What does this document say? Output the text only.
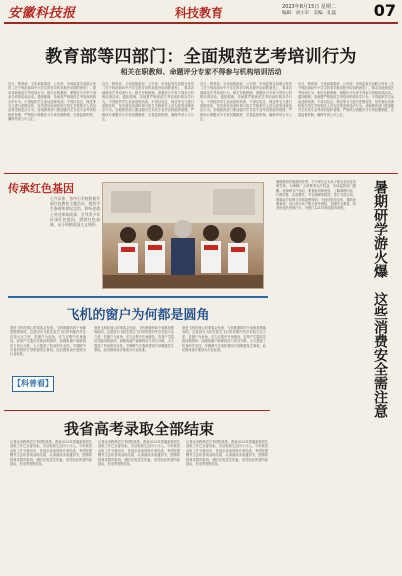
安徽科技报	科技教育	2023年8月15日 星期二
编辑：刘小军　美编：孔磊 07
教育部等四部门：全面规范艺考培训行为
相关在职教师、命题评分专家不得参与机构培训活动
近日，教育部、文化和旅游部、公安部、市场监管总局联合发布《关于规范面向中小学生的非学科类校外培训的意见》，要求各地规范艺考培训行为，相关在职教师、命题评分专家不得参与机构培训活动。通知强调，各地要严格规范艺考培训机构办学行为，不得组织学生参加违规培训，不得以包过、保过等名义进行虚假宣传，坚决查处培训机构与招生学校相关人员勾连等违规违法行为。各地教育部门要加强对艺术类专业考试的组织管理，严格执行命题评分专家回避制度，完善监督机制，确保考试公平公正。
近日，教育部、文化和旅游部、公安部、市场监管总局联合发布《关于规范面向中小学生的非学科类校外培训的意见》，要求各地规范艺考培训行为，相关在职教师、命题评分专家不得参与机构培训活动。通知强调，各地要严格规范艺考培训机构办学行为，不得组织学生参加违规培训，不得以包过、保过等名义进行虚假宣传，坚决查处培训机构与招生学校相关人员勾连等违规违法行为。各地教育部门要加强对艺术类专业考试的组织管理，严格执行命题评分专家回避制度，完善监督机制，确保考试公平公正。
近日，教育部、文化和旅游部、公安部、市场监管总局联合发布《关于规范面向中小学生的非学科类校外培训的意见》，要求各地规范艺考培训行为，相关在职教师、命题评分专家不得参与机构培训活动。通知强调，各地要严格规范艺考培训机构办学行为，不得组织学生参加违规培训，不得以包过、保过等名义进行虚假宣传，坚决查处培训机构与招生学校相关人员勾连等违规违法行为。各地教育部门要加强对艺术类专业考试的组织管理，严格执行命题评分专家回避制度，完善监督机制，确保考试公平公正。
近日，教育部、文化和旅游部、公安部、市场监管总局联合发布《关于规范面向中小学生的非学科类校外培训的意见》，要求各地规范艺考培训行为，相关在职教师、命题评分专家不得参与机构培训活动。通知强调，各地要严格规范艺考培训机构办学行为，不得组织学生参加违规培训，不得以包过、保过等名义进行虚假宣传，坚决查处培训机构与招生学校相关人员勾连等违规违法行为。各地教育部门要加强对艺术类专业考试的组织管理，严格执行命题评分专家回避制度，完善监督机制，确保考试公平公正。
传承红色基因
七月以来，各中小学校积极开展红色教育主题活动，组织学生参观革命纪念馆、聆听老战士讲述革命故事，引导青少年传承红色基因、赓续红色血脉，从小厚植爱国主义情怀。
飞机的窗户为何都是圆角
乘坐飞机时细心的乘客会发现，飞机舷窗的四个角都是圆弧形的。这是因为飞机在高空飞行时机舱内外存在较大压力差，若窗户为直角，应力会集中在角落处，容易产生裂纹导致结构损坏；而圆角窗户能够将应力均匀分散，大大提高了机身的安全性。早期喷气式客机曾因方形舷窗发生事故，此后圆角设计便成为行业标准。
乘坐飞机时细心的乘客会发现，飞机舷窗的四个角都是圆弧形的。这是因为飞机在高空飞行时机舱内外存在较大压力差，若窗户为直角，应力会集中在角落处，容易产生裂纹导致结构损坏；而圆角窗户能够将应力均匀分散，大大提高了机身的安全性。早期喷气式客机曾因方形舷窗发生事故，此后圆角设计便成为行业标准。
乘坐飞机时细心的乘客会发现，飞机舷窗的四个角都是圆弧形的。这是因为飞机在高空飞行时机舱内外存在较大压力差，若窗户为直角，应力会集中在角落处，容易产生裂纹导致结构损坏；而圆角窗户能够将应力均匀分散，大大提高了机身的安全性。早期喷气式客机曾因方形舷窗发生事故，此后圆角设计便成为行业标准。
【科普看】
暑期是研学旅游的旺季，不少家长会为孩子报名参加各类研学营。为保障广大消费者合法权益，市场监管部门提醒：选择研学产品时，要查验机构资质，了解课程内容、行程安排、住宿餐饮、安全保障等情况；签订书面合同，明确双方权利义务和退费规则；不轻信低价宣传，谨防虚假承诺；出行前为孩子购买意外保险，加强安全教育。如发现违法违规行为，可拨打12315热线投诉举报。	暑期研学游火爆
这些消费安全需注意
我省高考录取全部结束
记者从省教育招生考试院获悉，我省2023年普通高校招生录取工作已全部结束，共录取新生近四十万人。今年我省录取工作平稳有序，各批次录取均按计划完成。考试院提醒考生及时查询录取结果，认真阅读录取通知书，按照高校要求按时报到，谨防各类招生诈骗，切勿轻信所谓内部指标、补录等虚假信息。
记者从省教育招生考试院获悉，我省2023年普通高校招生录取工作已全部结束，共录取新生近四十万人。今年我省录取工作平稳有序，各批次录取均按计划完成。考试院提醒考生及时查询录取结果，认真阅读录取通知书，按照高校要求按时报到，谨防各类招生诈骗，切勿轻信所谓内部指标、补录等虚假信息。
记者从省教育招生考试院获悉，我省2023年普通高校招生录取工作已全部结束，共录取新生近四十万人。今年我省录取工作平稳有序，各批次录取均按计划完成。考试院提醒考生及时查询录取结果，认真阅读录取通知书，按照高校要求按时报到，谨防各类招生诈骗，切勿轻信所谓内部指标、补录等虚假信息。
